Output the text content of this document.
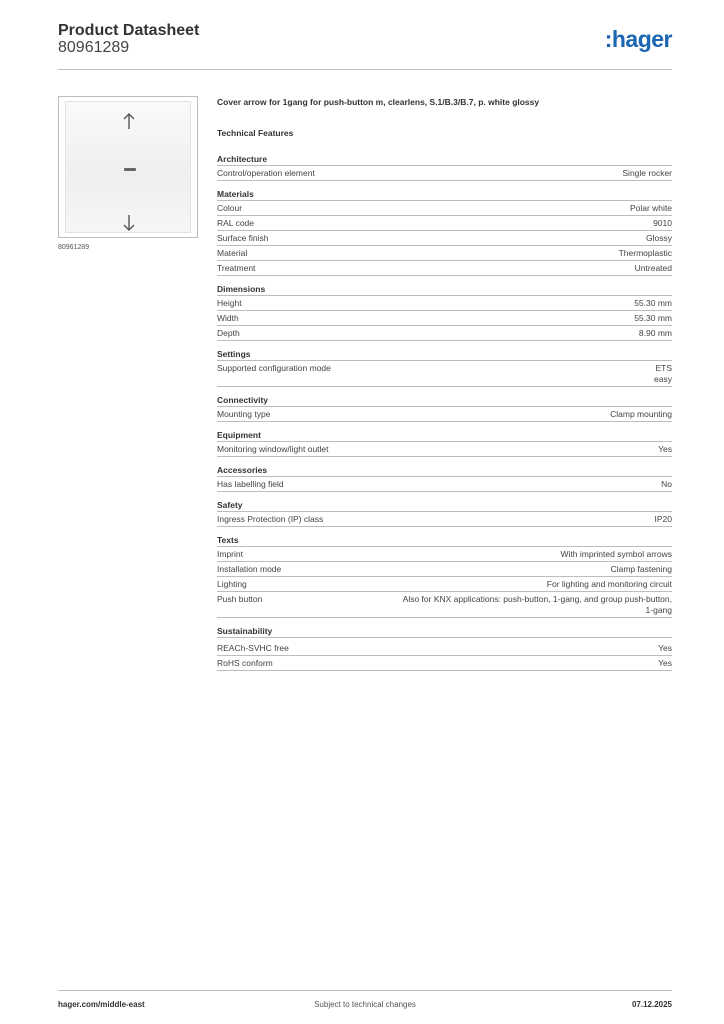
Product Datasheet
80961289	:hager
80961289
Cover arrow for 1gang for push-button m, clearlens, S.1/B.3/B.7, p. white glossy
Technical Features
Architecture
Control/operation element	Single rocker
Materials
Colour	Polar white
RAL code	9010
Surface finish	Glossy
Material	Thermoplastic
Treatment	Untreated
Dimensions
Height	55.30 mm
Width	55.30 mm
Depth	8.90 mm
Settings
Supported configuration mode	ETS
easy
Connectivity
Mounting type	Clamp mounting
Equipment
Monitoring window/light outlet	Yes
Accessories
Has labelling field	No
Safety
Ingress Protection (IP) class	IP20
Texts
Imprint	With imprinted symbol arrows
Installation mode	Clamp fastening
Lighting	For lighting and monitoring circuit
Push button	Also for KNX applications: push-button, 1-gang, and group push-button,
1-gang
Sustainability
REACh-SVHC free	Yes
RoHS conform	Yes
hager.com/middle-east	Subject to technical changes	07.12.2025
